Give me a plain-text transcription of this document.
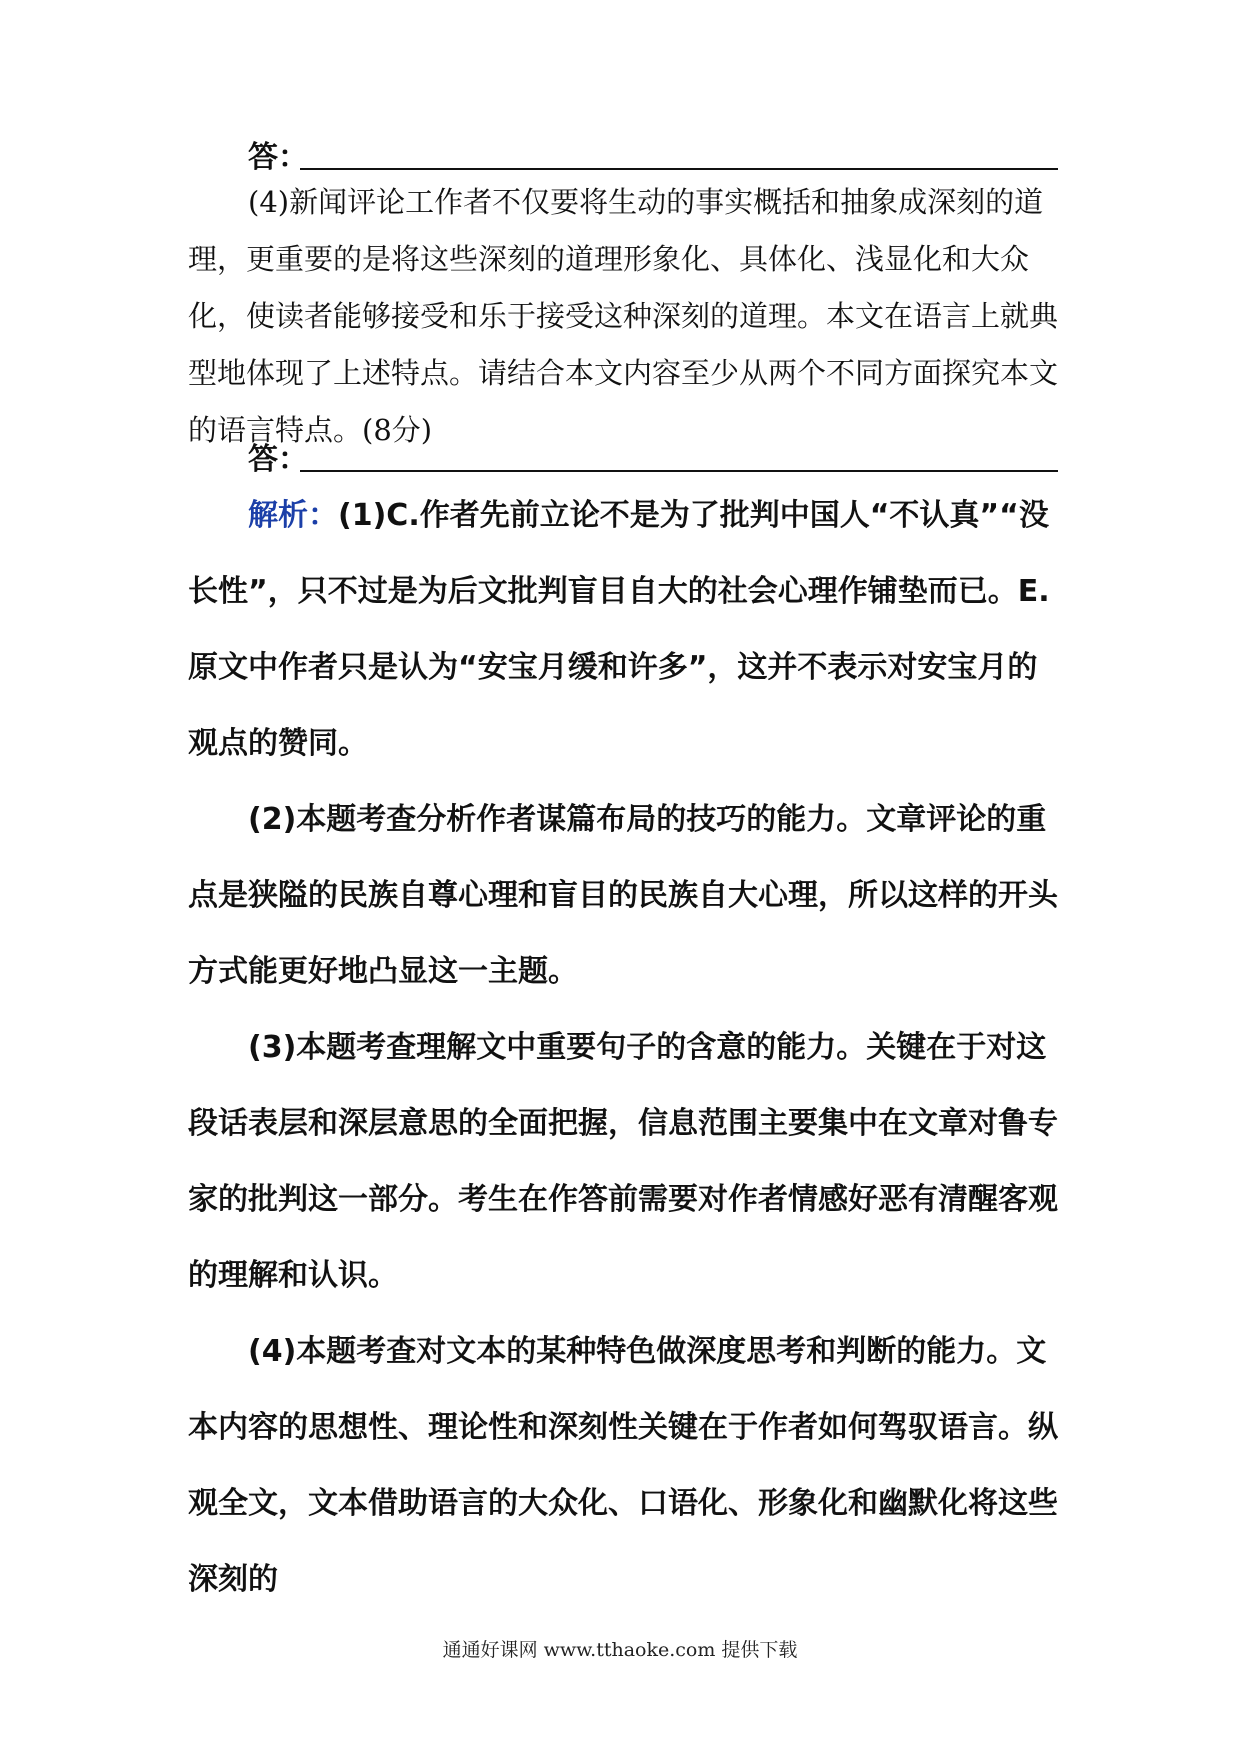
答：
(4)新闻评论工作者不仅要将生动的事实概括和抽象成深刻的道理，更重要的是将这些深刻的道理形象化、具体化、浅显化和大众化，使读者能够接受和乐于接受这种深刻的道理。本文在语言上就典型地体现了上述特点。请结合本文内容至少从两个不同方面探究本文的语言特点。(8分)
答：
解析：(1)C.作者先前立论不是为了批判中国人“不认真”“没长性”，只不过是为后文批判盲目自大的社会心理作铺垫而已。E.原文中作者只是认为“安宝月缓和许多”，这并不表示对安宝月的观点的赞同。
(2)本题考查分析作者谋篇布局的技巧的能力。文章评论的重点是狭隘的民族自尊心理和盲目的民族自大心理，所以这样的开头方式能更好地凸显这一主题。
(3)本题考查理解文中重要句子的含意的能力。关键在于对这段话表层和深层意思的全面把握，信息范围主要集中在文章对鲁专家的批判这一部分。考生在作答前需要对作者情感好恶有清醒客观的理解和认识。
(4)本题考查对文本的某种特色做深度思考和判断的能力。文本内容的思想性、理论性和深刻性关键在于作者如何驾驭语言。纵观全文，文本借助语言的大众化、口语化、形象化和幽默化将这些深刻的
通通好课网 www.tthaoke.com 提供下载
